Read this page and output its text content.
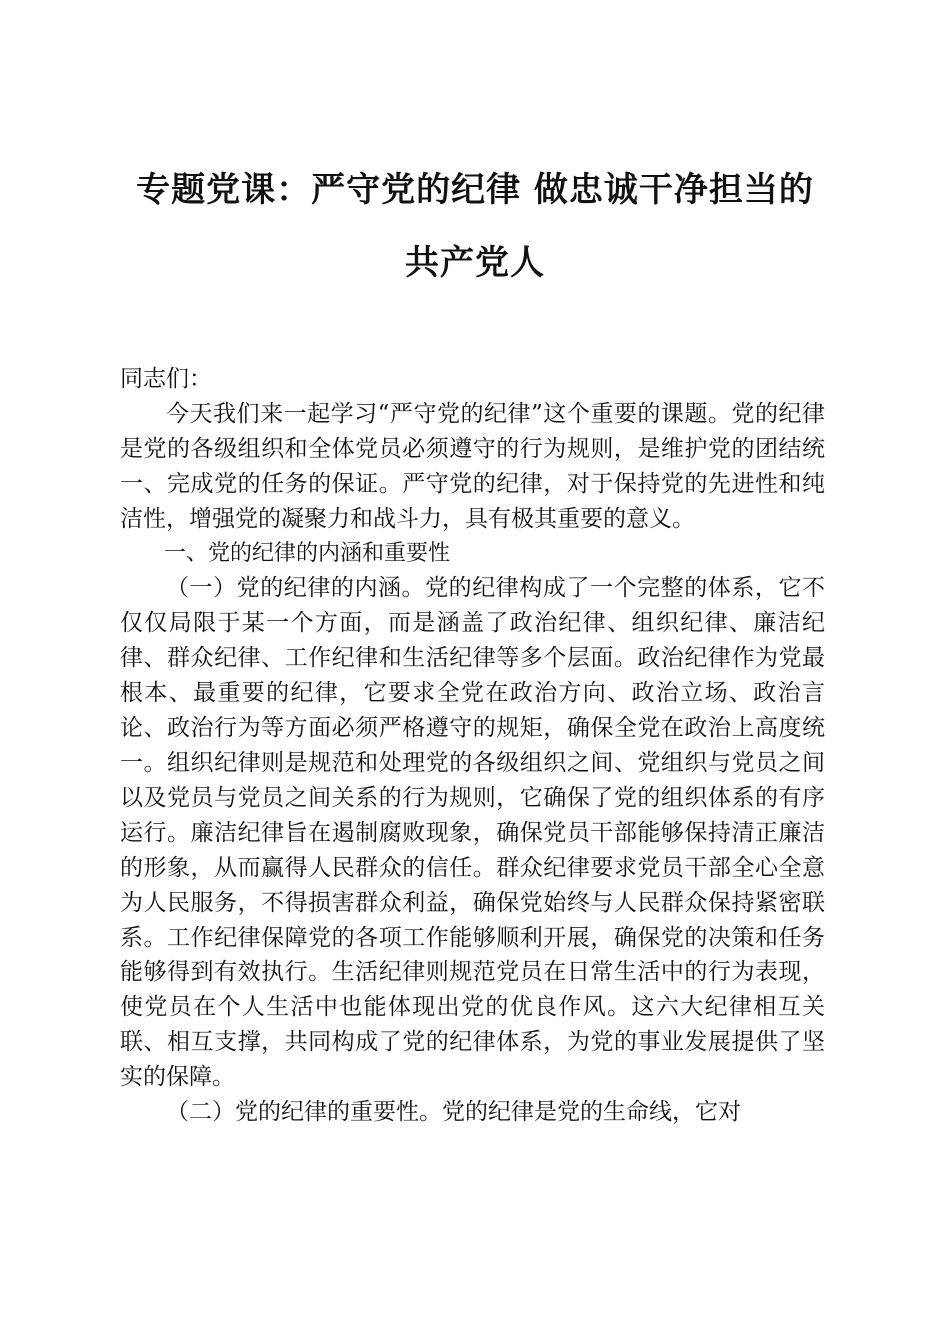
专题党课：严守党的纪律 做忠诚干净担当的
共产党人

同志们：

今天我们来一起学习“严守党的纪律”这个重要的课题。党的纪律是党的各级组织和全体党员必须遵守的行为规则，是维护党的团结统一、完成党的任务的保证。严守党的纪律，对于保持党的先进性和纯洁性，增强党的凝聚力和战斗力，具有极其重要的意义。

一、党的纪律的内涵和重要性

（一）党的纪律的内涵。党的纪律构成了一个完整的体系，它不仅仅局限于某一个方面，而是涵盖了政治纪律、组织纪律、廉洁纪律、群众纪律、工作纪律和生活纪律等多个层面。政治纪律作为党最根本、最重要的纪律，它要求全党在政治方向、政治立场、政治言论、政治行为等方面必须严格遵守的规矩，确保全党在政治上高度统一。组织纪律则是规范和处理党的各级组织之间、党组织与党员之间以及党员与党员之间关系的行为规则，它确保了党的组织体系的有序运行。廉洁纪律旨在遏制腐败现象，确保党员干部能够保持清正廉洁的形象，从而赢得人民群众的信任。群众纪律要求党员干部全心全意为人民服务，不得损害群众利益，确保党始终与人民群众保持紧密联系。工作纪律保障党的各项工作能够顺利开展，确保党的决策和任务能够得到有效执行。生活纪律则规范党员在日常生活中的行为表现，使党员在个人生活中也能体现出党的优良作风。这六大纪律相互关联、相互支撑，共同构成了党的纪律体系，为党的事业发展提供了坚实的保障。

（二）党的纪律的重要性。党的纪律是党的生命线，它对
